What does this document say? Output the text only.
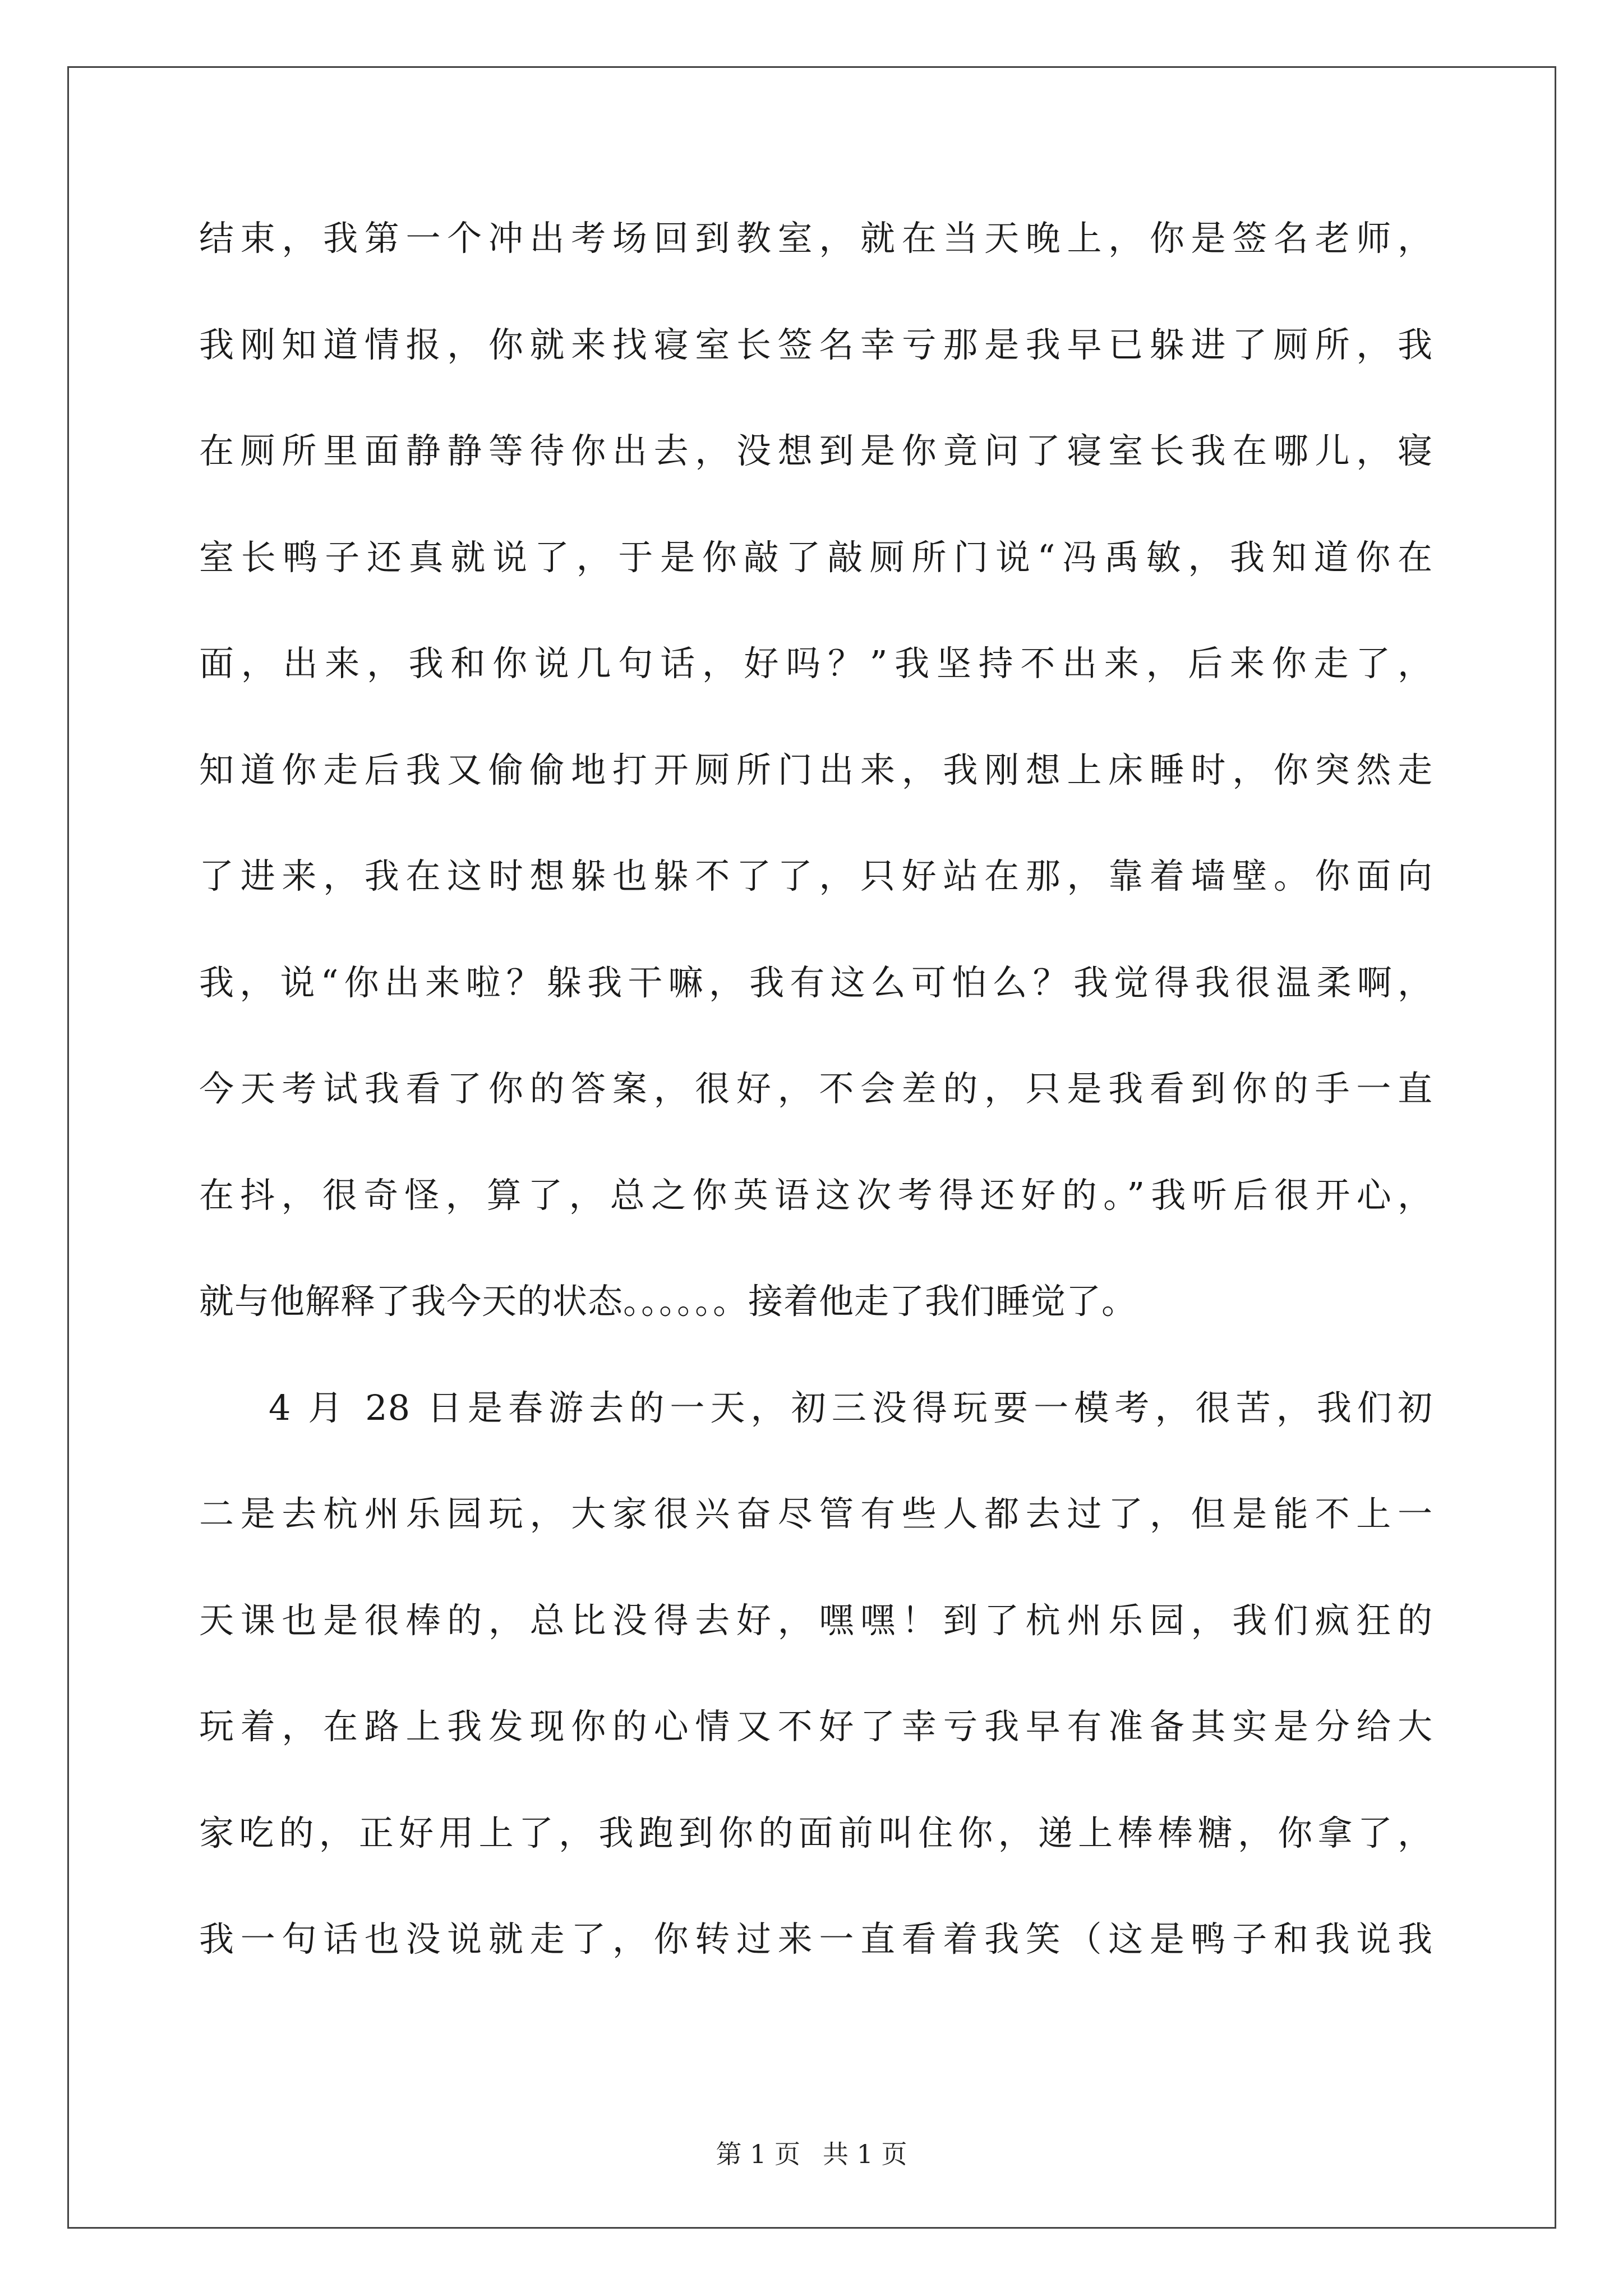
结束，我第一个冲出考场回到教室，就在当天晚上，你是签名老师，
我刚知道情报，你就来找寝室长签名幸亏那是我早已躲进了厕所，我
在厕所里面静静等待你出去，没想到是你竟问了寝室长我在哪儿，寝
室长鸭子还真就说了，于是你敲了敲厕所门说“冯禹敏，我知道你在
面，出来，我和你说几句话，好吗？”我坚持不出来，后来你走了，
知道你走后我又偷偷地打开厕所门出来，我刚想上床睡时，你突然走
了进来，我在这时想躲也躲不了了，只好站在那，靠着墙壁。你面向
我，说“你出来啦？躲我干嘛，我有这么可怕么？我觉得我很温柔啊，
今天考试我看了你的答案，很好，不会差的，只是我看到你的手一直
在抖，很奇怪，算了，总之你英语这次考得还好的。”我听后很开心，
就与他解释了我今天的状态。。。。。。接着他走了我们睡觉了。
4 月 28 日是春游去的一天，初三没得玩要一模考，很苦，我们初
二是去杭州乐园玩，大家很兴奋尽管有些人都去过了，但是能不上一
天课也是很棒的，总比没得去好，嘿嘿！到了杭州乐园，我们疯狂的
玩着，在路上我发现你的心情又不好了幸亏我早有准备其实是分给大
家吃的，正好用上了，我跑到你的面前叫住你，递上棒棒糖，你拿了，
我一句话也没说就走了，你转过来一直看着我笑（这是鸭子和我说我
第 1 页 共 1 页
